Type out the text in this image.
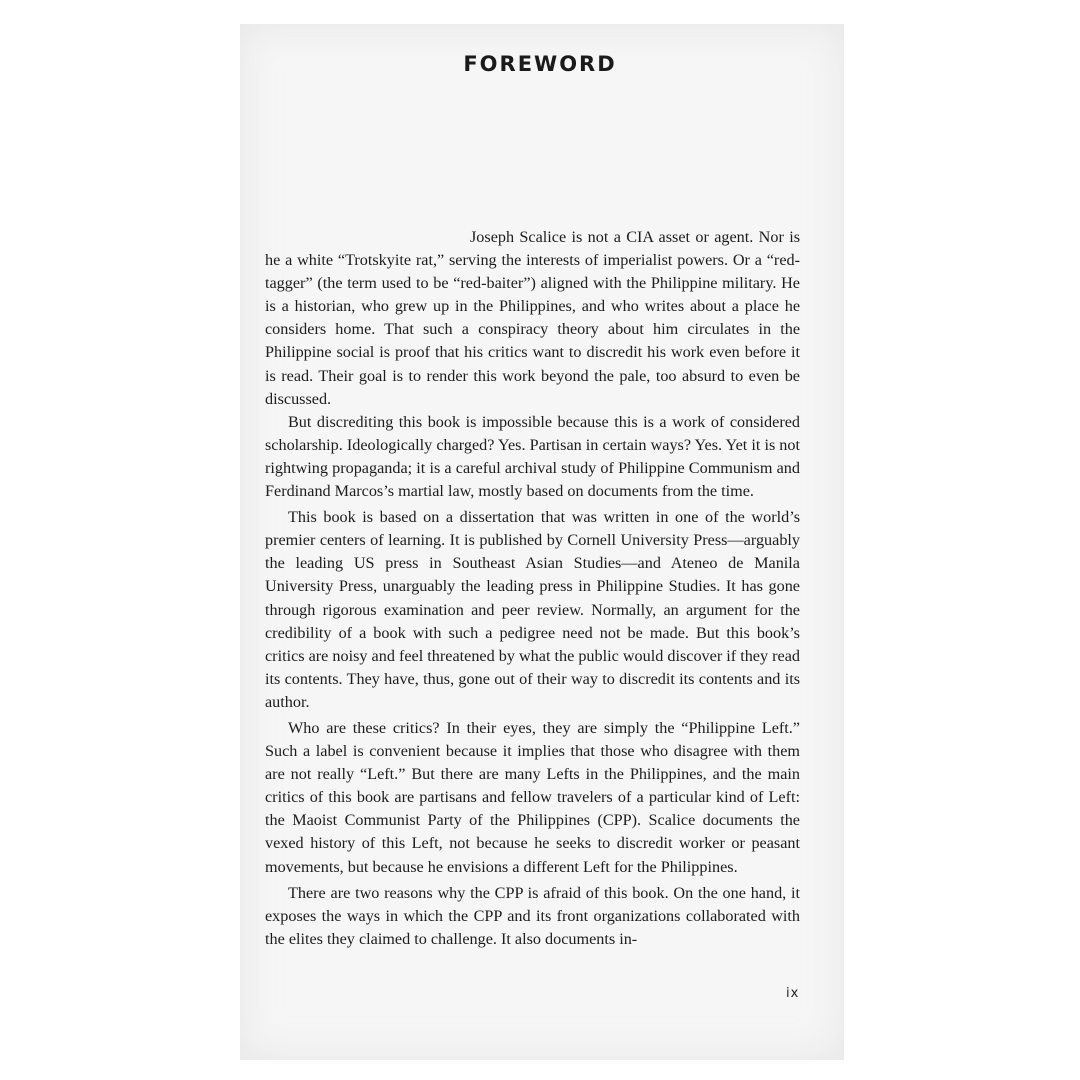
FOREWORD

Joseph Scalice is not a CIA asset or agent. Nor is he a white “Trotskyite rat,” serving the interests of imperialist powers. Or a “red-tagger” (the term used to be “red-baiter”) aligned with the Philippine military. He is a historian, who grew up in the Philippines, and who writes about a place he considers home. That such a conspiracy theory about him circulates in the Philippine social is proof that his critics want to discredit his work even before it is read. Their goal is to render this work beyond the pale, too absurd to even be discussed.

But discrediting this book is impossible because this is a work of considered scholarship. Ideologically charged? Yes. Partisan in certain ways? Yes. Yet it is not rightwing propaganda; it is a careful archival study of Philippine Communism and Ferdinand Marcos’s martial law, mostly based on documents from the time.

This book is based on a dissertation that was written in one of the world’s premier centers of learning. It is published by Cornell University Press—arguably the leading US press in Southeast Asian Studies—and Ateneo de Manila University Press, unarguably the leading press in Philippine Studies. It has gone through rigorous examination and peer review. Normally, an argument for the credibility of a book with such a pedigree need not be made. But this book’s critics are noisy and feel threatened by what the public would discover if they read its contents. They have, thus, gone out of their way to discredit its contents and its author.

Who are these critics? In their eyes, they are simply the “Philippine Left.” Such a label is convenient because it implies that those who disagree with them are not really “Left.” But there are many Lefts in the Philippines, and the main critics of this book are partisans and fellow travelers of a particular kind of Left: the Maoist Communist Party of the Philippines (CPP). Scalice documents the vexed history of this Left, not because he seeks to discredit worker or peasant movements, but because he envisions a different Left for the Philippines.

There are two reasons why the CPP is afraid of this book. On the one hand, it exposes the ways in which the CPP and its front organizations collaborated with the elites they claimed to challenge. It also documents in-

ix
